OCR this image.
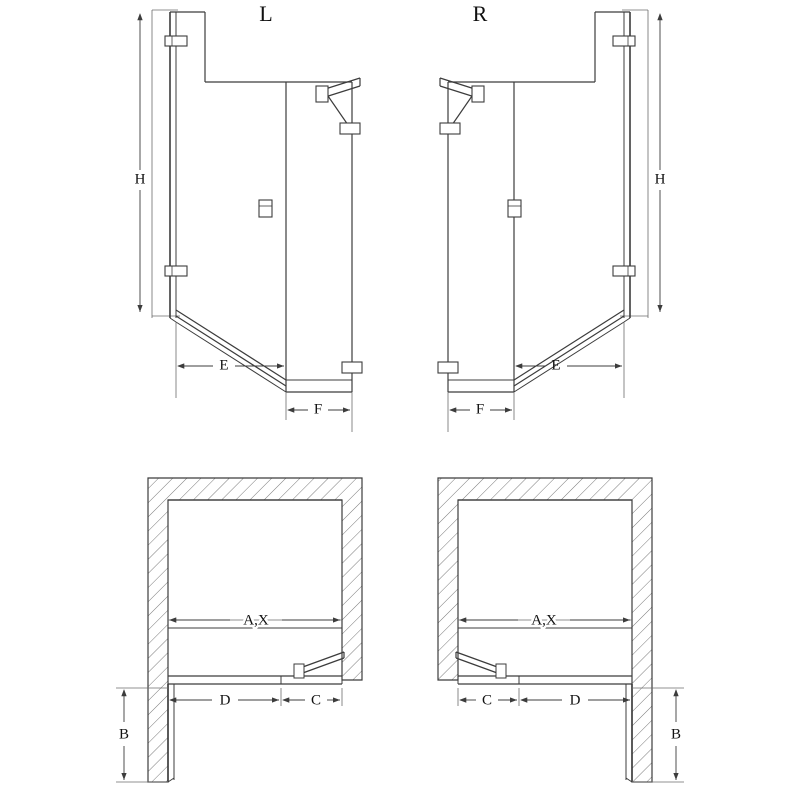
L
H
E
F
R
H
E
F
A,X
D	C
B
A,X
C	D
B
